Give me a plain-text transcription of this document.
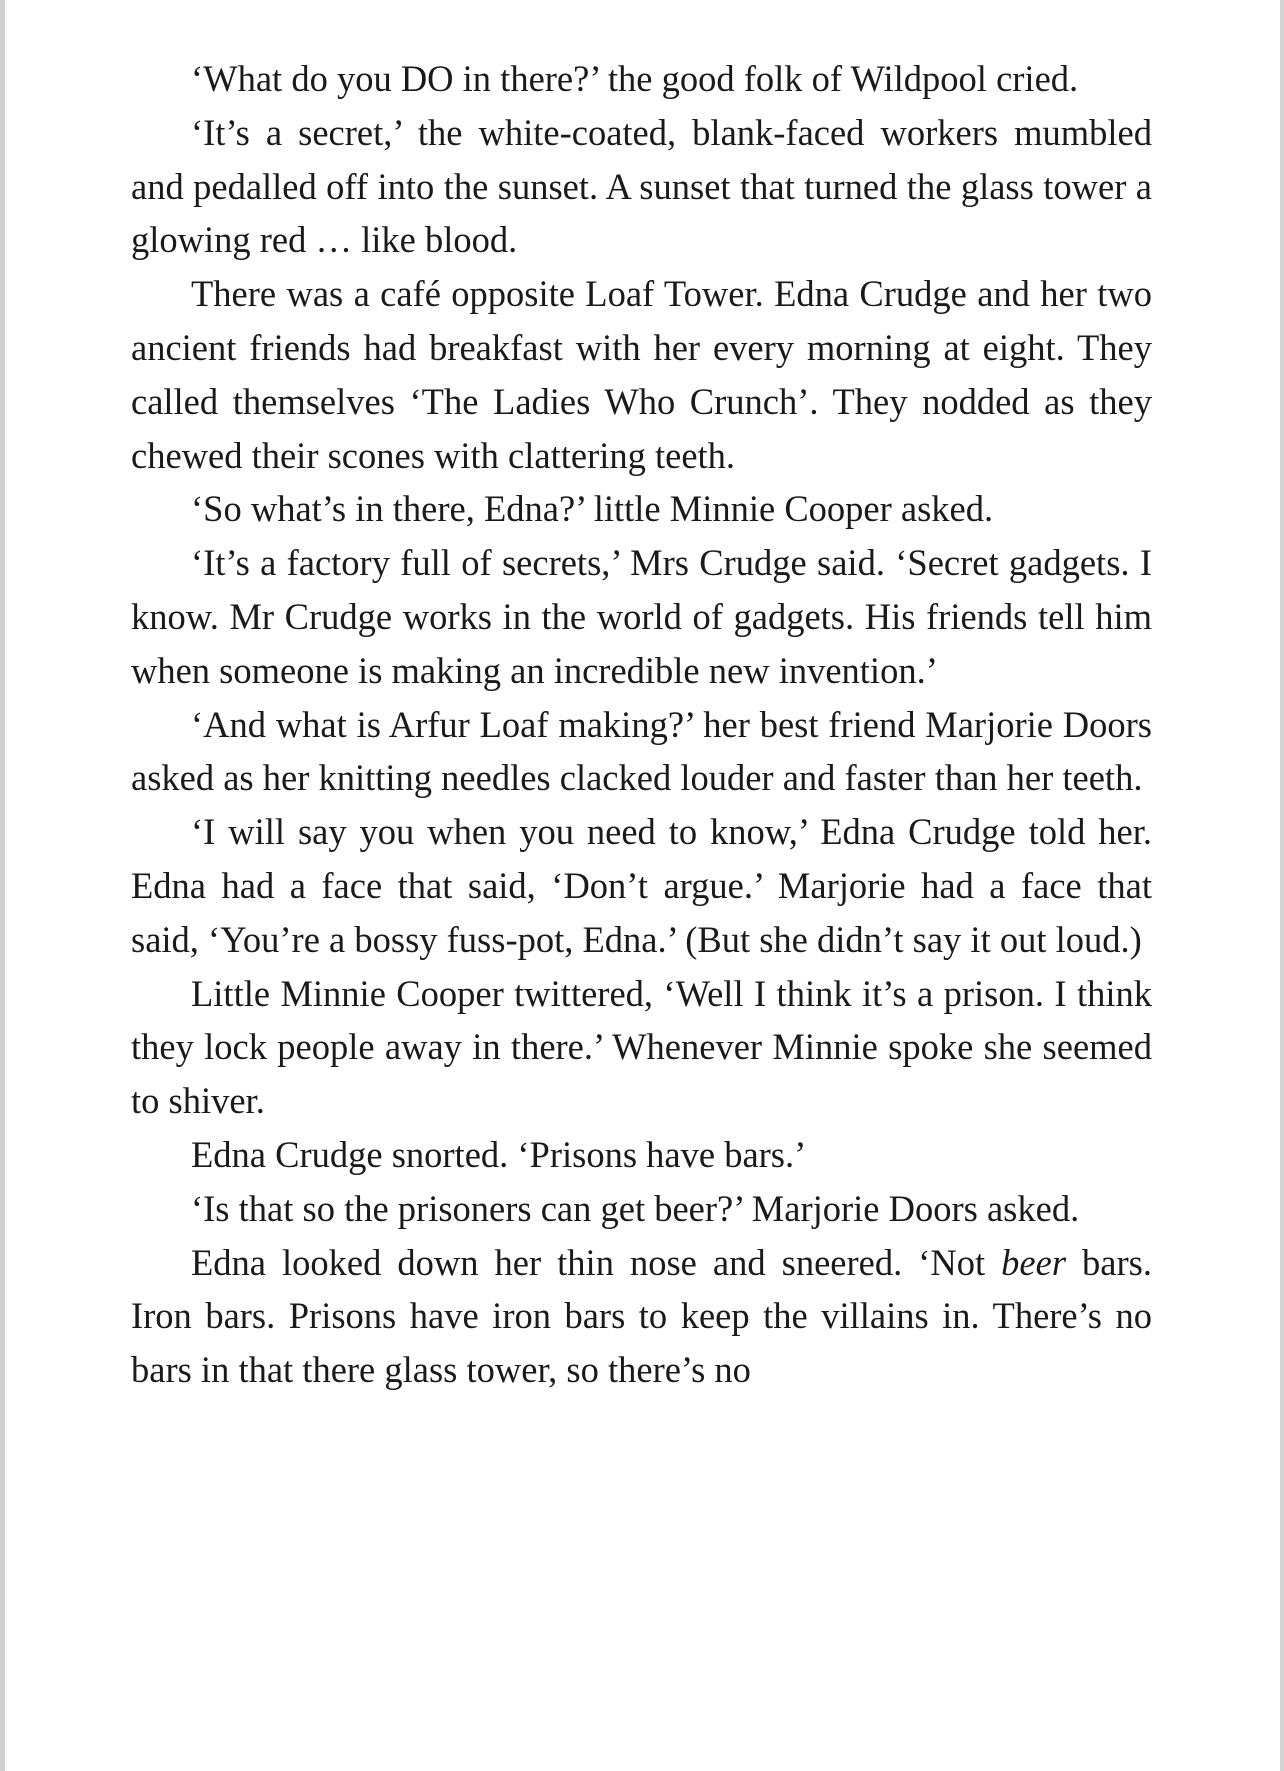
‘What do you DO in there?’ the good folk of Wildpool cried.

‘It’s a secret,’ the white-coated, blank-faced workers mumbled and pedalled off into the sunset. A sunset that turned the glass tower a glowing red … like blood.

There was a café opposite Loaf Tower. Edna Crudge and her two ancient friends had breakfast with her every morning at eight. They called themselves ‘The Ladies Who Crunch’. They nodded as they chewed their scones with clattering teeth.

‘So what’s in there, Edna?’ little Minnie Cooper asked.

‘It’s a factory full of secrets,’ Mrs Crudge said. ‘Secret gadgets. I know. Mr Crudge works in the world of gadgets. His friends tell him when someone is making an incredible new invention.’

‘And what is Arfur Loaf making?’ her best friend Marjorie Doors asked as her knitting needles clacked louder and faster than her teeth.

‘I will say you when you need to know,’ Edna Crudge told her. Edna had a face that said, ‘Don’t argue.’ Marjorie had a face that said, ‘You’re a bossy fuss-pot, Edna.’ (But she didn’t say it out loud.)

Little Minnie Cooper twittered, ‘Well I think it’s a prison. I think they lock people away in there.’ Whenever Minnie spoke she seemed to shiver.

Edna Crudge snorted. ‘Prisons have bars.’

‘Is that so the prisoners can get beer?’ Marjorie Doors asked.

Edna looked down her thin nose and sneered. ‘Not beer bars. Iron bars. Prisons have iron bars to keep the villains in. There’s no bars in that there glass tower, so there’s no
